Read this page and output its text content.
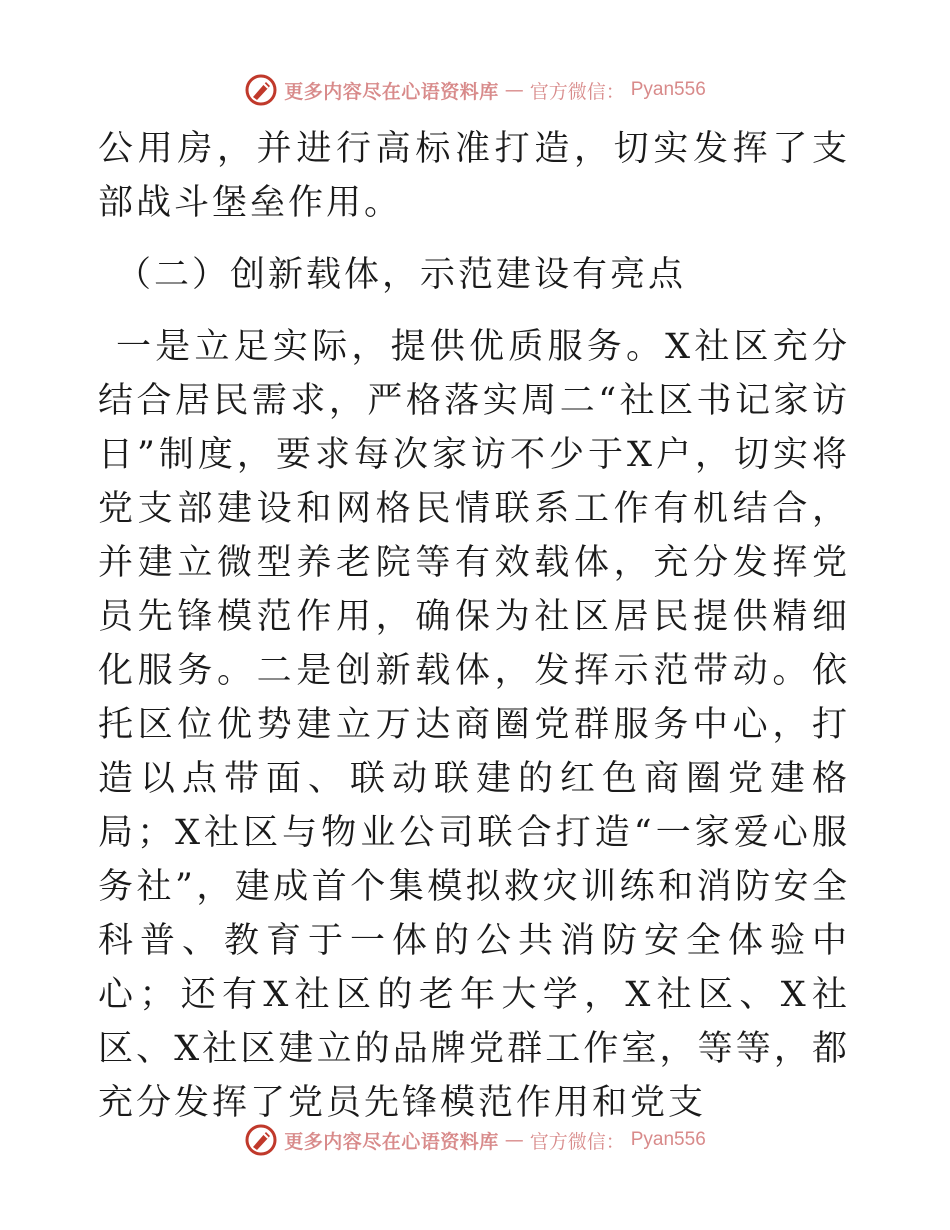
更多内容尽在心语资料库 — 官方微信： Pyan556

公用房，并进行高标准打造，切实发挥了支部战斗堡垒作用。

（二）创新载体，示范建设有亮点

一是立足实际，提供优质服务。X社区充分结合居民需求，严格落实周二“社区书记家访日”制度，要求每次家访不少于X户，切实将党支部建设和网格民情联系工作有机结合，并建立微型养老院等有效载体，充分发挥党员先锋模范作用，确保为社区居民提供精细化服务。二是创新载体，发挥示范带动。依托区位优势建立万达商圈党群服务中心，打造以点带面、联动联建的红色商圈党建格局；X社区与物业公司联合打造“一家爱心服务社”，建成首个集模拟救灾训练和消防安全科普、教育于一体的公共消防安全体验中心；还有X社区的老年大学，X社区、X社区、X社区建立的品牌党群工作室，等等，都充分发挥了党员先锋模范作用和党支

更多内容尽在心语资料库 — 官方微信： Pyan556
